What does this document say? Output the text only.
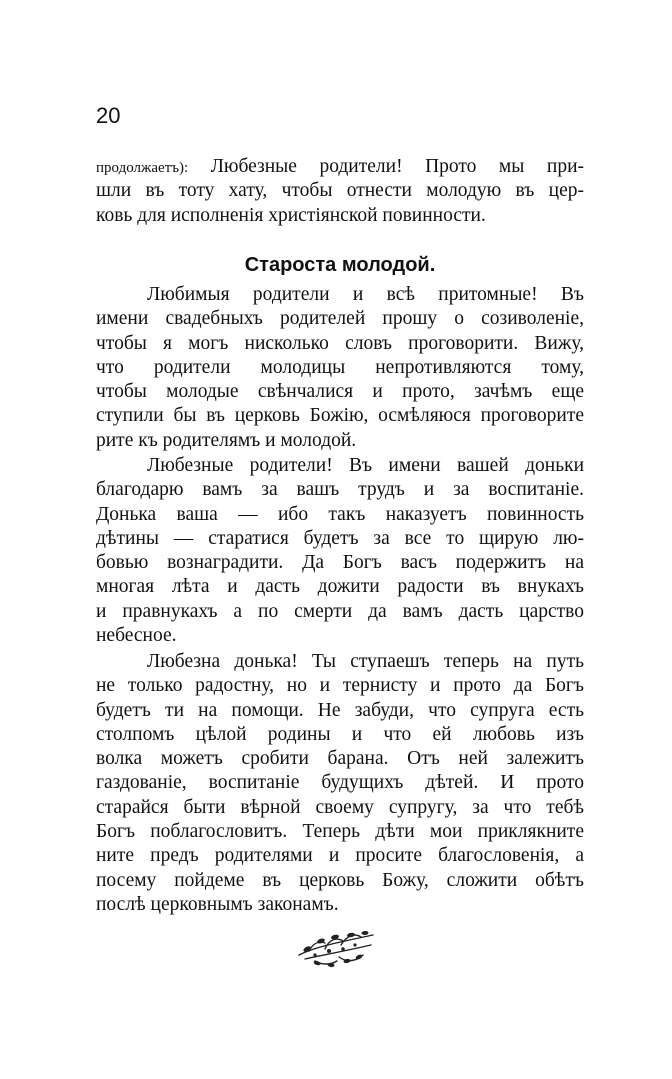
20
продолжаетъ): Любезные родители! Прото мы при-
шли въ тоту хату, чтобы отнести молодую въ цер-
ковь для исполненія христіянской повинности.
Староста молодой.
Любимыя родители и всѣ притомные! Въ
имени свадебныхъ родителей прошу о созиволеніе,
чтобы я могъ нисколько словъ проговорити. Вижу,
что родители молодицы непротивляются тому,
чтобы молодые свѣнчалися и прото, зачѣмъ еще
ступили бы въ церковь Божію, осмѣляюся проговорите
рите къ родителямъ и молодой.
Любезные родители! Въ имени вашей доньки
благодарю вамъ за вашъ трудъ и за воспитаніе.
Донька ваша — ибо такъ наказуетъ повинность
дѣтины — старатися будетъ за все то щирую лю-
бовью вознаградити. Да Богъ васъ подержитъ на
многая лѣта и дасть дожити радости въ внукахъ
и правнукахъ а по смерти да вамъ дасть царство
небесное.
Любезна донька! Ты ступаешъ теперь на путь
не только радостну, но и тернисту и прото да Богъ
будетъ ти на помощи. Не забуди, что супруга есть
столпомъ цѣлой родины и что ей любовь изъ
волка можетъ сробити барана. Отъ ней залежитъ
газдованіе, воспитаніе будущихъ дѣтей. И прото
старайся быти вѣрной своему супругу, за что тебѣ
Богъ поблагословитъ. Теперь дѣти мои приклякните
ните предъ родителями и просите благословенія, а
посему пойдеме въ церковь Божу, сложити обѣтъ
послѣ церковнымъ законамъ.
